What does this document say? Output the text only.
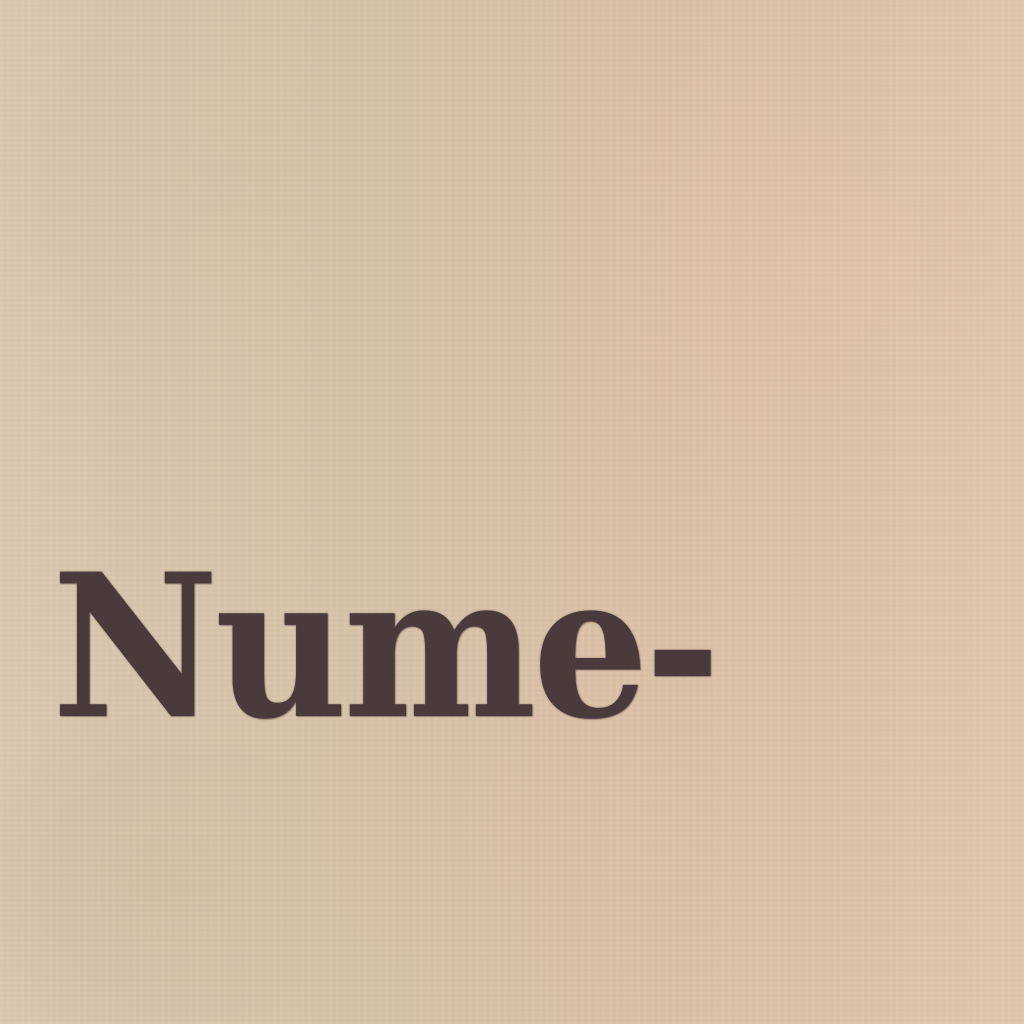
Nume-
